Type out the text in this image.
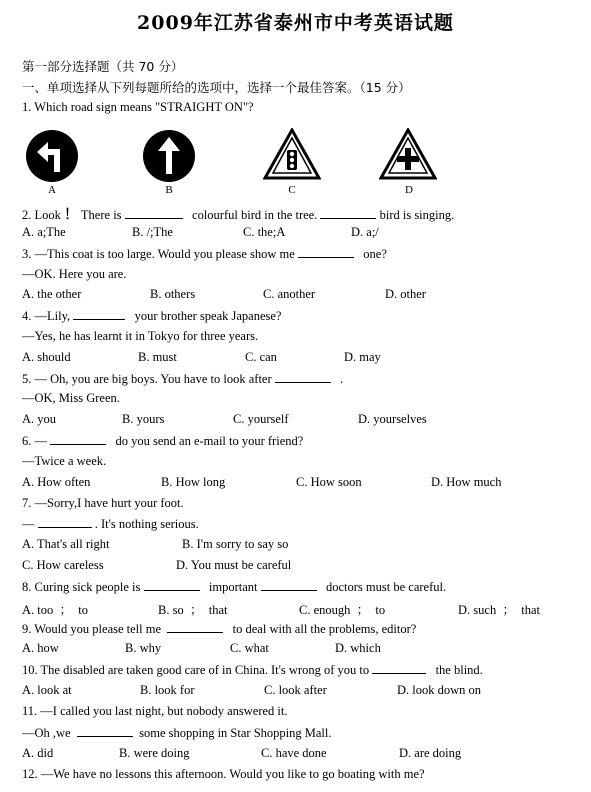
2009年江苏省泰州市中考英语试题
第一部分选择题（共 70 分）
一、单项选择从下列每题所给的选项中，选择一个最佳答案。（15 分）
1. Which road sign means "STRAIGHT ON"?
A	B	C	D
2. Look ！ There is	colourful bird in the tree.	bird is singing.
A. a;The	B. /;The	C. the;A	D. a;/
3. —This coat is too large. Would you please show me	one?
—OK. Here you are.
A. the other	B. others	C. another	D. other
4. —Lily,	your brother speak Japanese?
—Yes, he has learnt it in Tokyo for three years.
A. should	B. must	C. can	D. may
5. — Oh, you are big boys. You have to look after	.
—OK, Miss Green.
A. you	B. yours	C. yourself	D. yourselves
6. —	do you send an e-mail to your friend?
—Twice a week.
A. How often	B. How long	C. How soon	D. How much
7. —Sorry,I have hurt your foot.
—	. It's nothing serious.
A. That's all right	B. I'm sorry to say so
C. How careless	D. You must be careful
8. Curing sick people is	important	doctors must be careful.
A. too ； to	B. so ； that	C. enough ； to	D. such ； that
9. Would you please tell me	to deal with all the problems, editor?
A. how	B. why	C. what	D. which
10. The disabled are taken good care of in China. It's wrong of you to	the blind.
A. look at	B. look for	C. look after	D. look down on
11. —I called you last night, but nobody answered it.
—Oh ,we	some shopping in Star Shopping Mall.
A. did	B. were doing	C. have done	D. are doing
12. —We have no lessons this afternoon. Would you like to go boating with me?
